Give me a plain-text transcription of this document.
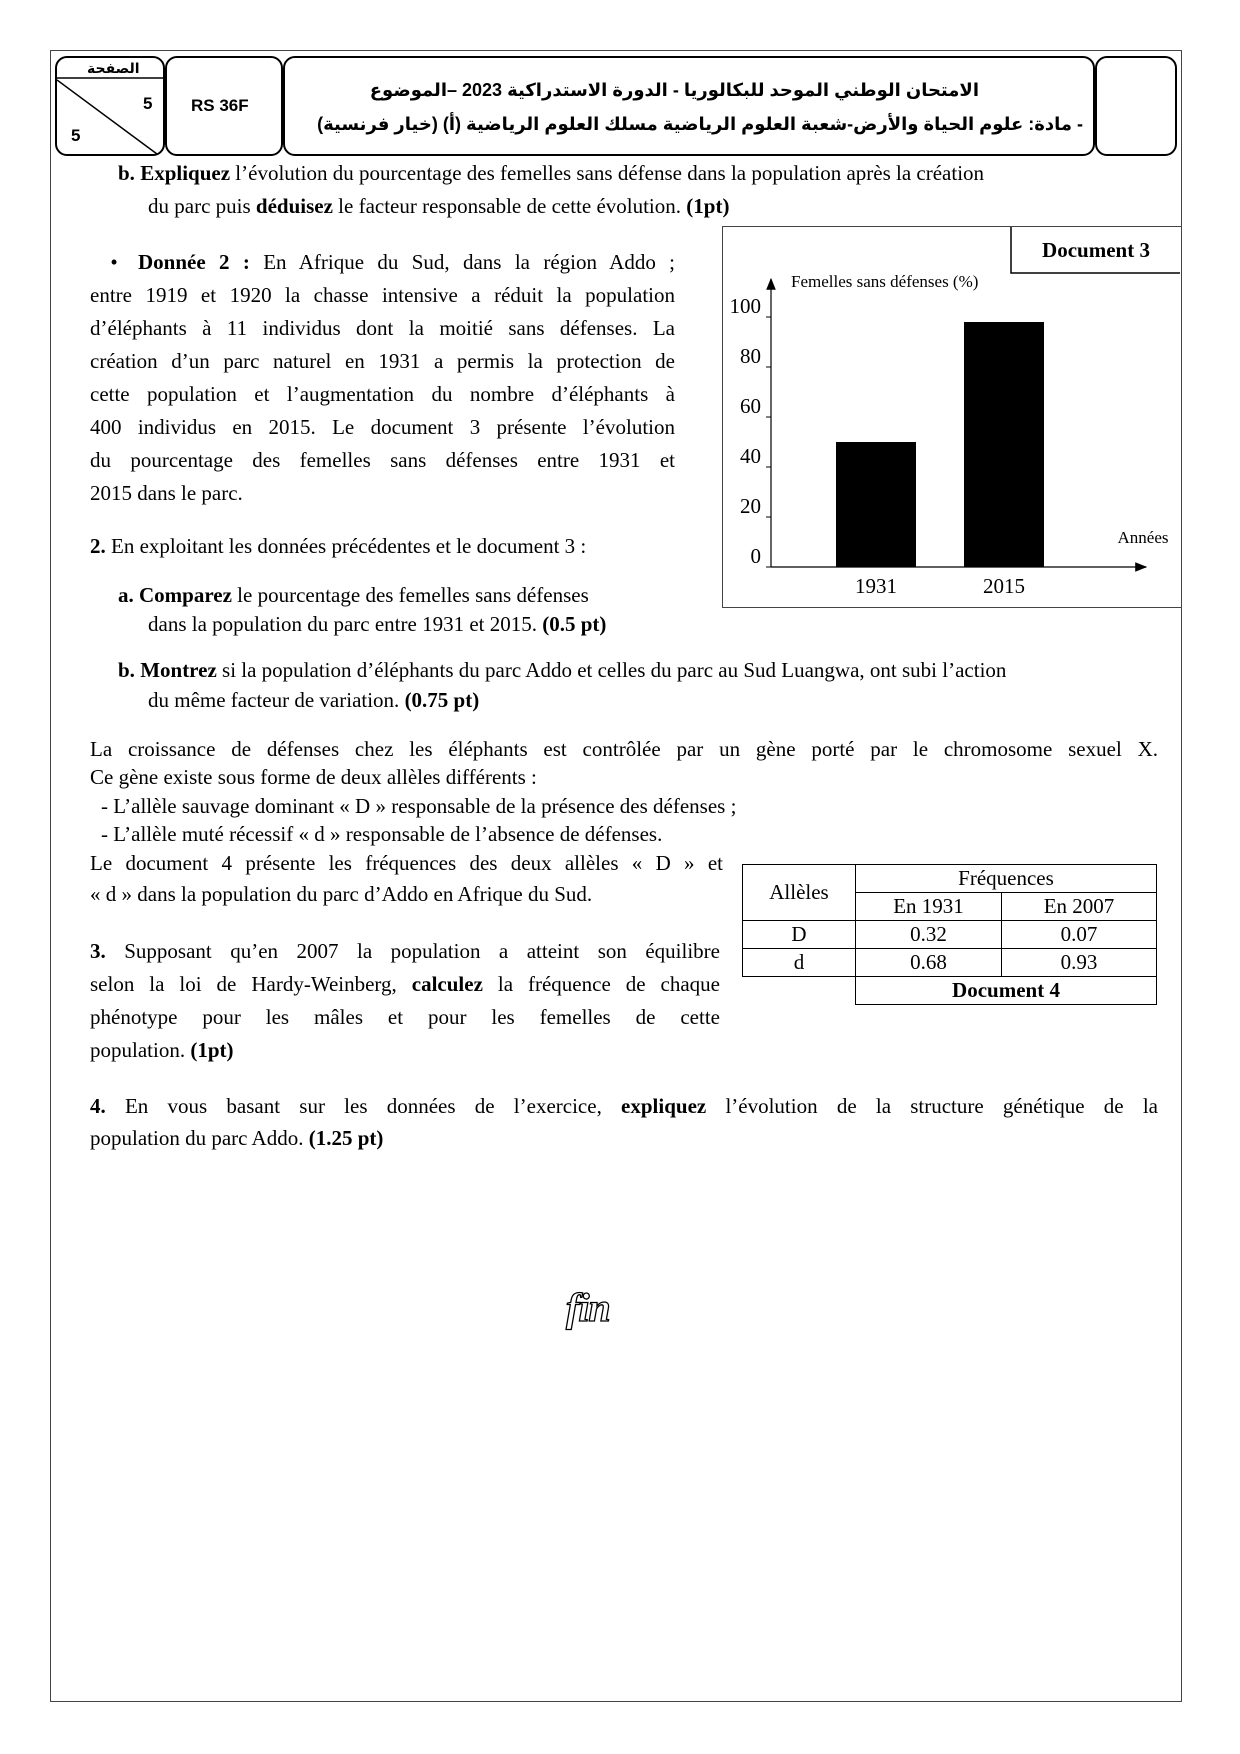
الصفحة
5
5
RS 36F
الامتحان الوطني الموحد للبكالوريا - الدورة الاستدراكية 2023 –الموضوع
- مادة: علوم الحياة والأرض-شعبة العلوم الرياضية مسلك العلوم الرياضية (أ) (خيار فرنسية)

b. Expliquez l’évolution du pourcentage des femelles sans défense dans la population après la création

du parc puis déduisez le facteur responsable de cette évolution. (1pt)

• Donnée 2 : En Afrique du Sud, dans la région Addo ;

entre 1919 et 1920 la chasse intensive a réduit la population

d’éléphants à 11 individus dont la moitié sans défenses. La

création d’un parc naturel en 1931 a permis la protection de

cette population et l’augmentation du nombre d’éléphants à

400 individus en 2015. Le document 3 présente l’évolution

du pourcentage des femelles sans défenses entre 1931 et

2015 dans le parc.

2. En exploitant les données précédentes et le document 3 :

a. Comparez le pourcentage des femelles sans défenses

dans la population du parc entre 1931 et 2015. (0.5 pt)

b. Montrez si la population d’éléphants du parc Addo et celles du parc au Sud Luangwa, ont subi l’action

du même facteur de variation. (0.75 pt)

Document 3
Femelles sans défenses (%)
Années
0
20
40
60
80
100
1931	2015

La croissance de défenses chez les éléphants est contrôlée par un gène porté par le chromosome sexuel X.

Ce gène existe sous forme de deux allèles différents :

- L’allèle sauvage dominant « D » responsable de la présence des défenses ;

- L’allèle muté récessif « d » responsable de l’absence de défenses.

Le document 4 présente les fréquences des deux allèles « D » et

« d » dans la population du parc d’Addo en Afrique du Sud.	Allèles	Fréquences	
	En 1931	En 2007
D	0.32	0.07
d	0.68	0.93
	Document 4	

3. Supposant qu’en 2007 la population a atteint son équilibre

selon la loi de Hardy-Weinberg, calculez la fréquence de chaque

phénotype pour les mâles et pour les femelles de cette

population. (1pt)

4. En vous basant sur les données de l’exercice, expliquez l’évolution de la structure génétique de la

population du parc Addo. (1.25 pt)

fin
